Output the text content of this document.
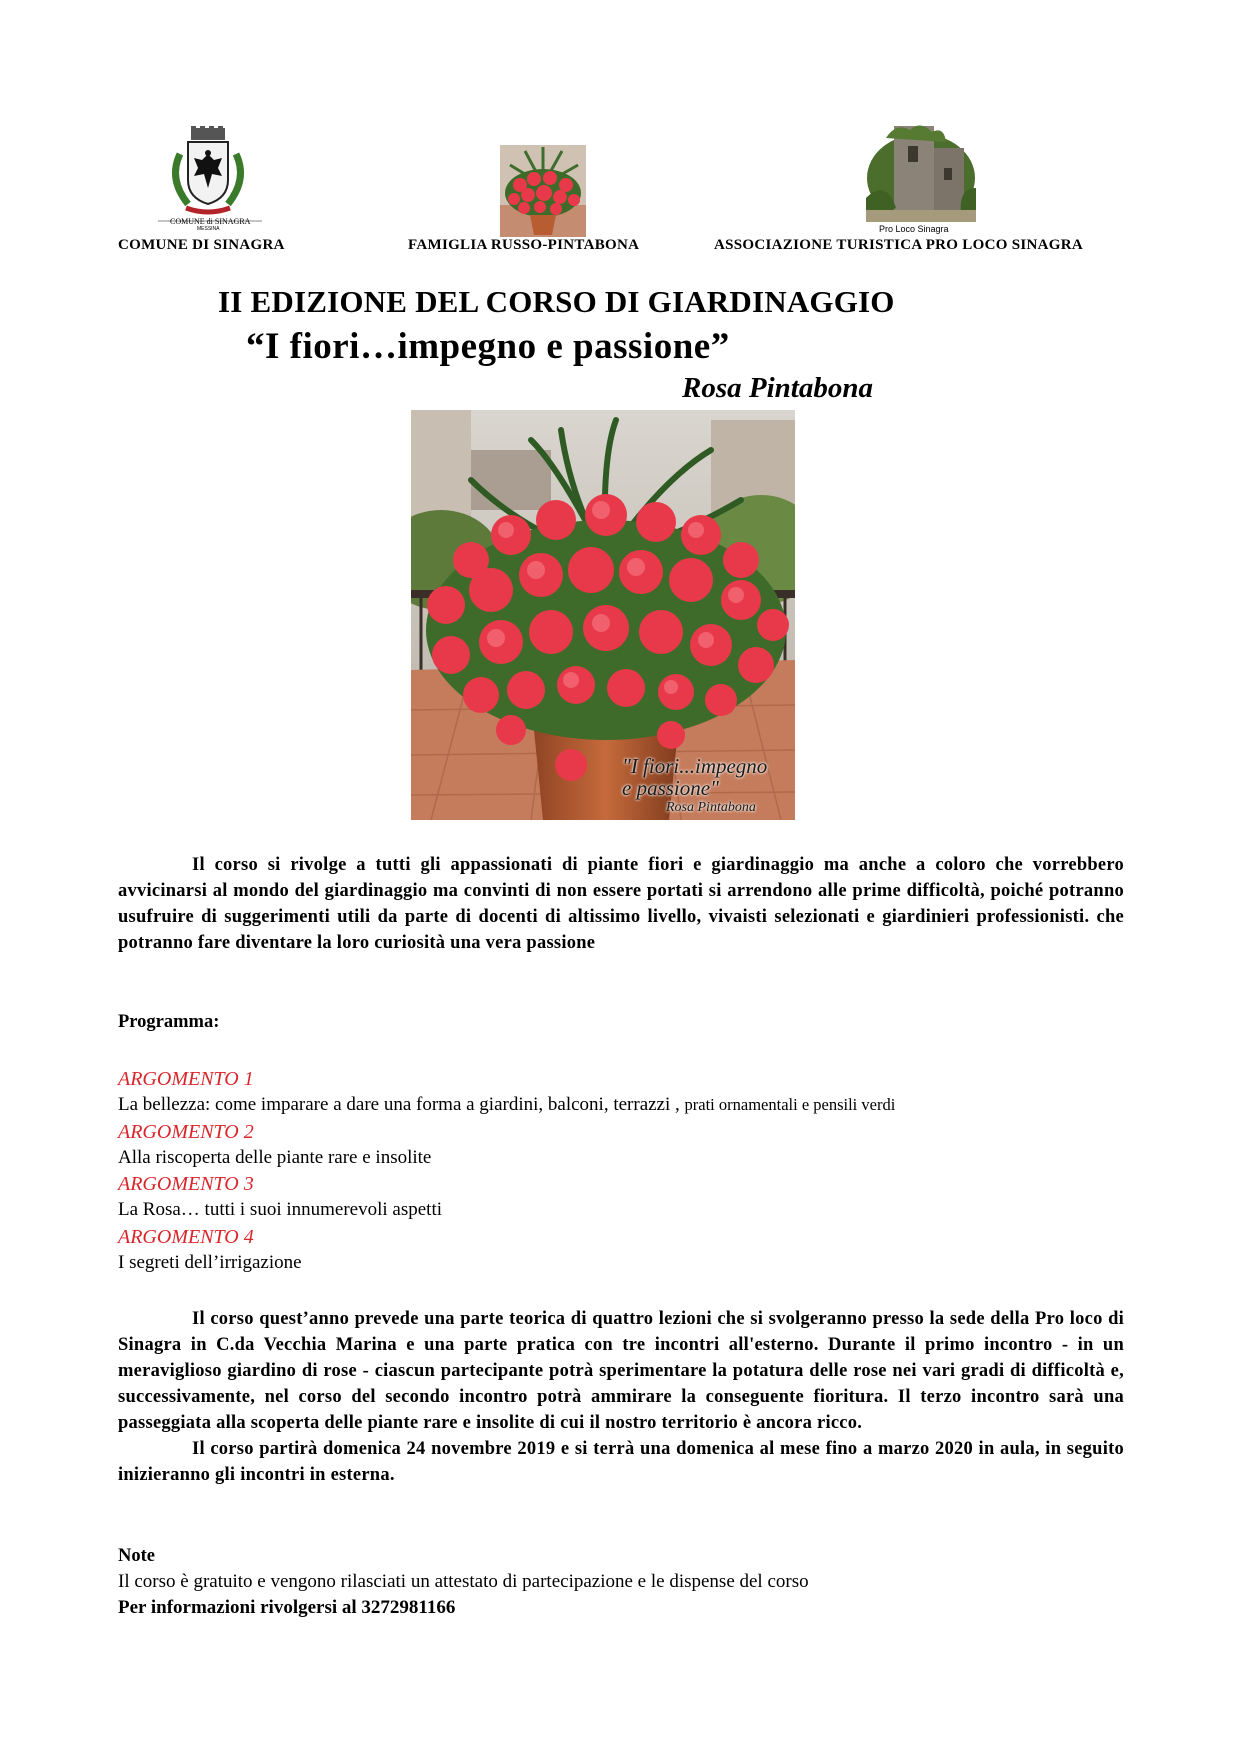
COMUNE di SINAGRA
MESSINA	Pro Loco Sinagra
COMUNE DI SINAGRA	FAMIGLIA RUSSO-PINTABONA	ASSOCIAZIONE TURISTICA PRO LOCO SINAGRA
II EDIZIONE DEL CORSO DI GIARDINAGGIO
“I fiori…impegno e passione”
Rosa Pintabona
"I fiori...impegno
e passione"
Rosa Pintabona
Il corso si rivolge a tutti gli appassionati di piante fiori e giardinaggio ma anche a coloro che vorrebbero avvicinarsi al mondo del giardinaggio ma convinti di non essere portati si arrendono alle prime difficoltà, poiché potranno usufruire di suggerimenti utili da parte di docenti di altissimo livello, vivaisti selezionati e giardinieri professionisti. che potranno fare diventare la loro curiosità una vera passione
Programma:
ARGOMENTO 1
La bellezza: come imparare a dare una forma a giardini, balconi, terrazzi , prati ornamentali e pensili verdi
ARGOMENTO 2
Alla riscoperta delle piante rare e insolite
ARGOMENTO 3
La Rosa… tutti i suoi innumerevoli aspetti
ARGOMENTO 4
I segreti dell’irrigazione
Il corso quest’anno prevede una parte teorica di quattro lezioni che si svolgeranno presso la sede della Pro loco di Sinagra in C.da Vecchia Marina e una parte pratica con tre incontri all'esterno. Durante il primo incontro - in un meraviglioso giardino di rose - ciascun partecipante potrà sperimentare la potatura delle rose nei vari gradi di difficoltà e, successivamente, nel corso del secondo incontro potrà ammirare la conseguente fioritura. Il terzo incontro sarà una passeggiata alla scoperta delle piante rare e insolite di cui il nostro territorio è ancora ricco.
Il corso partirà domenica 24 novembre 2019 e si terrà una domenica al mese fino a marzo 2020 in aula, in seguito inizieranno gli incontri in esterna.
Note
Il corso è gratuito e vengono rilasciati un attestato di partecipazione e le dispense del corso
Per informazioni rivolgersi al 3272981166
